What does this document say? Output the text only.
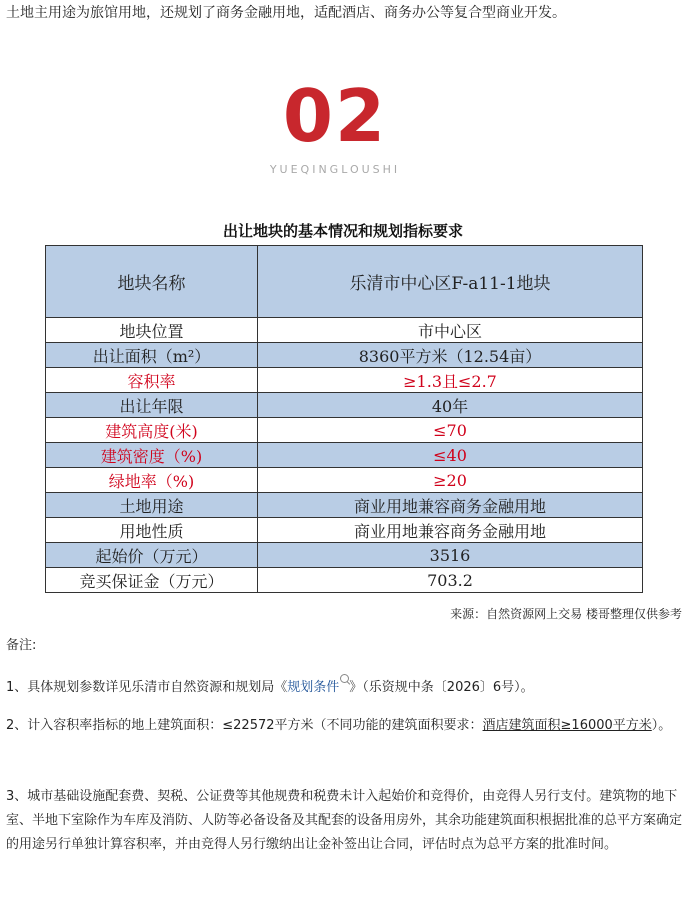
土地主用途为旅馆用地，还规划了商务金融用地，适配酒店、商务办公等复合型商业开发。
02
YUEQINGLOUSHI
出让地块的基本情况和规划指标要求
地块名称	乐清市中心区F-a11-1地块
地块位置	市中心区
出让面积（m²）	8360平方米（12.54亩）
容积率	≥1.3且≤2.7
出让年限	40年
建筑高度(米)	≤70
建筑密度（%)	≤40
绿地率（%)	≥20
土地用途	商业用地兼容商务金融用地
用地性质	商业用地兼容商务金融用地
起始价（万元）	3516
竞买保证金（万元）	703.2
来源：自然资源网上交易 楼哥整理仅供参考
备注:
1、具体规划参数详见乐清市自然资源和规划局《规划条件 》（乐资规中条〔2026〕6号）。
2、计入容积率指标的地上建筑面积：≤22572平方米（不同功能的建筑面积要求：酒店建筑面积≥16000平方米）。
3、城市基础设施配套费、契税、公证费等其他规费和税费未计入起始价和竞得价，由竞得人另行支付。建筑物的地下室、半地下室除作为车库及消防、人防等必备设备及其配套的设备用房外，其余功能建筑面积根据批准的总平方案确定的用途另行单独计算容积率，并由竞得人另行缴纳出让金补签出让合同，评估时点为总平方案的批准时间。
